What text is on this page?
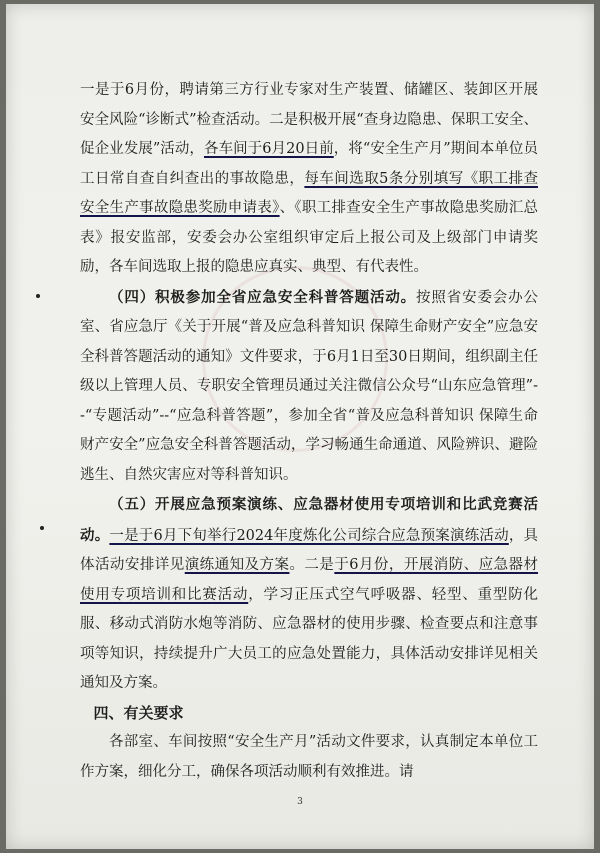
一是于6月份，聘请第三方行业专家对生产装置、储罐区、装卸区开展安全风险“诊断式”检查活动。二是积极开展“查身边隐患、保职工安全、促企业发展”活动，各车间于6月20日前，将“安全生产月”期间本单位员工日常自查自纠查出的事故隐患，每车间选取5条分别填写《职工排查安全生产事故隐患奖励申请表》、《职工排查安全生产事故隐患奖励汇总表》报安监部，安委会办公室组织审定后上报公司及上级部门申请奖励，各车间选取上报的隐患应真实、典型、有代表性。

（四）积极参加全省应急安全科普答题活动。按照省安委会办公室、省应急厅《关于开展“普及应急科普知识 保障生命财产安全”应急安全科普答题活动的通知》文件要求，于6月1日至30日期间，组织副主任级以上管理人员、专职安全管理员通过关注微信公众号“山东应急管理”--“专题活动”--“应急科普答题”，参加全省“普及应急科普知识 保障生命财产安全”应急安全科普答题活动，学习畅通生命通道、风险辨识、避险逃生、自然灾害应对等科普知识。

（五）开展应急预案演练、应急器材使用专项培训和比武竞赛活动。一是于6月下旬举行2024年度炼化公司综合应急预案演练活动，具体活动安排详见演练通知及方案。二是于6月份，开展消防、应急器材使用专项培训和比赛活动，学习正压式空气呼吸器、轻型、重型防化服、移动式消防水炮等消防、应急器材的使用步骤、检查要点和注意事项等知识，持续提升广大员工的应急处置能力，具体活动安排详见相关通知及方案。

四、有关要求

各部室、车间按照“安全生产月”活动文件要求，认真制定本单位工作方案，细化分工，确保各项活动顺利有效推进。请

3
